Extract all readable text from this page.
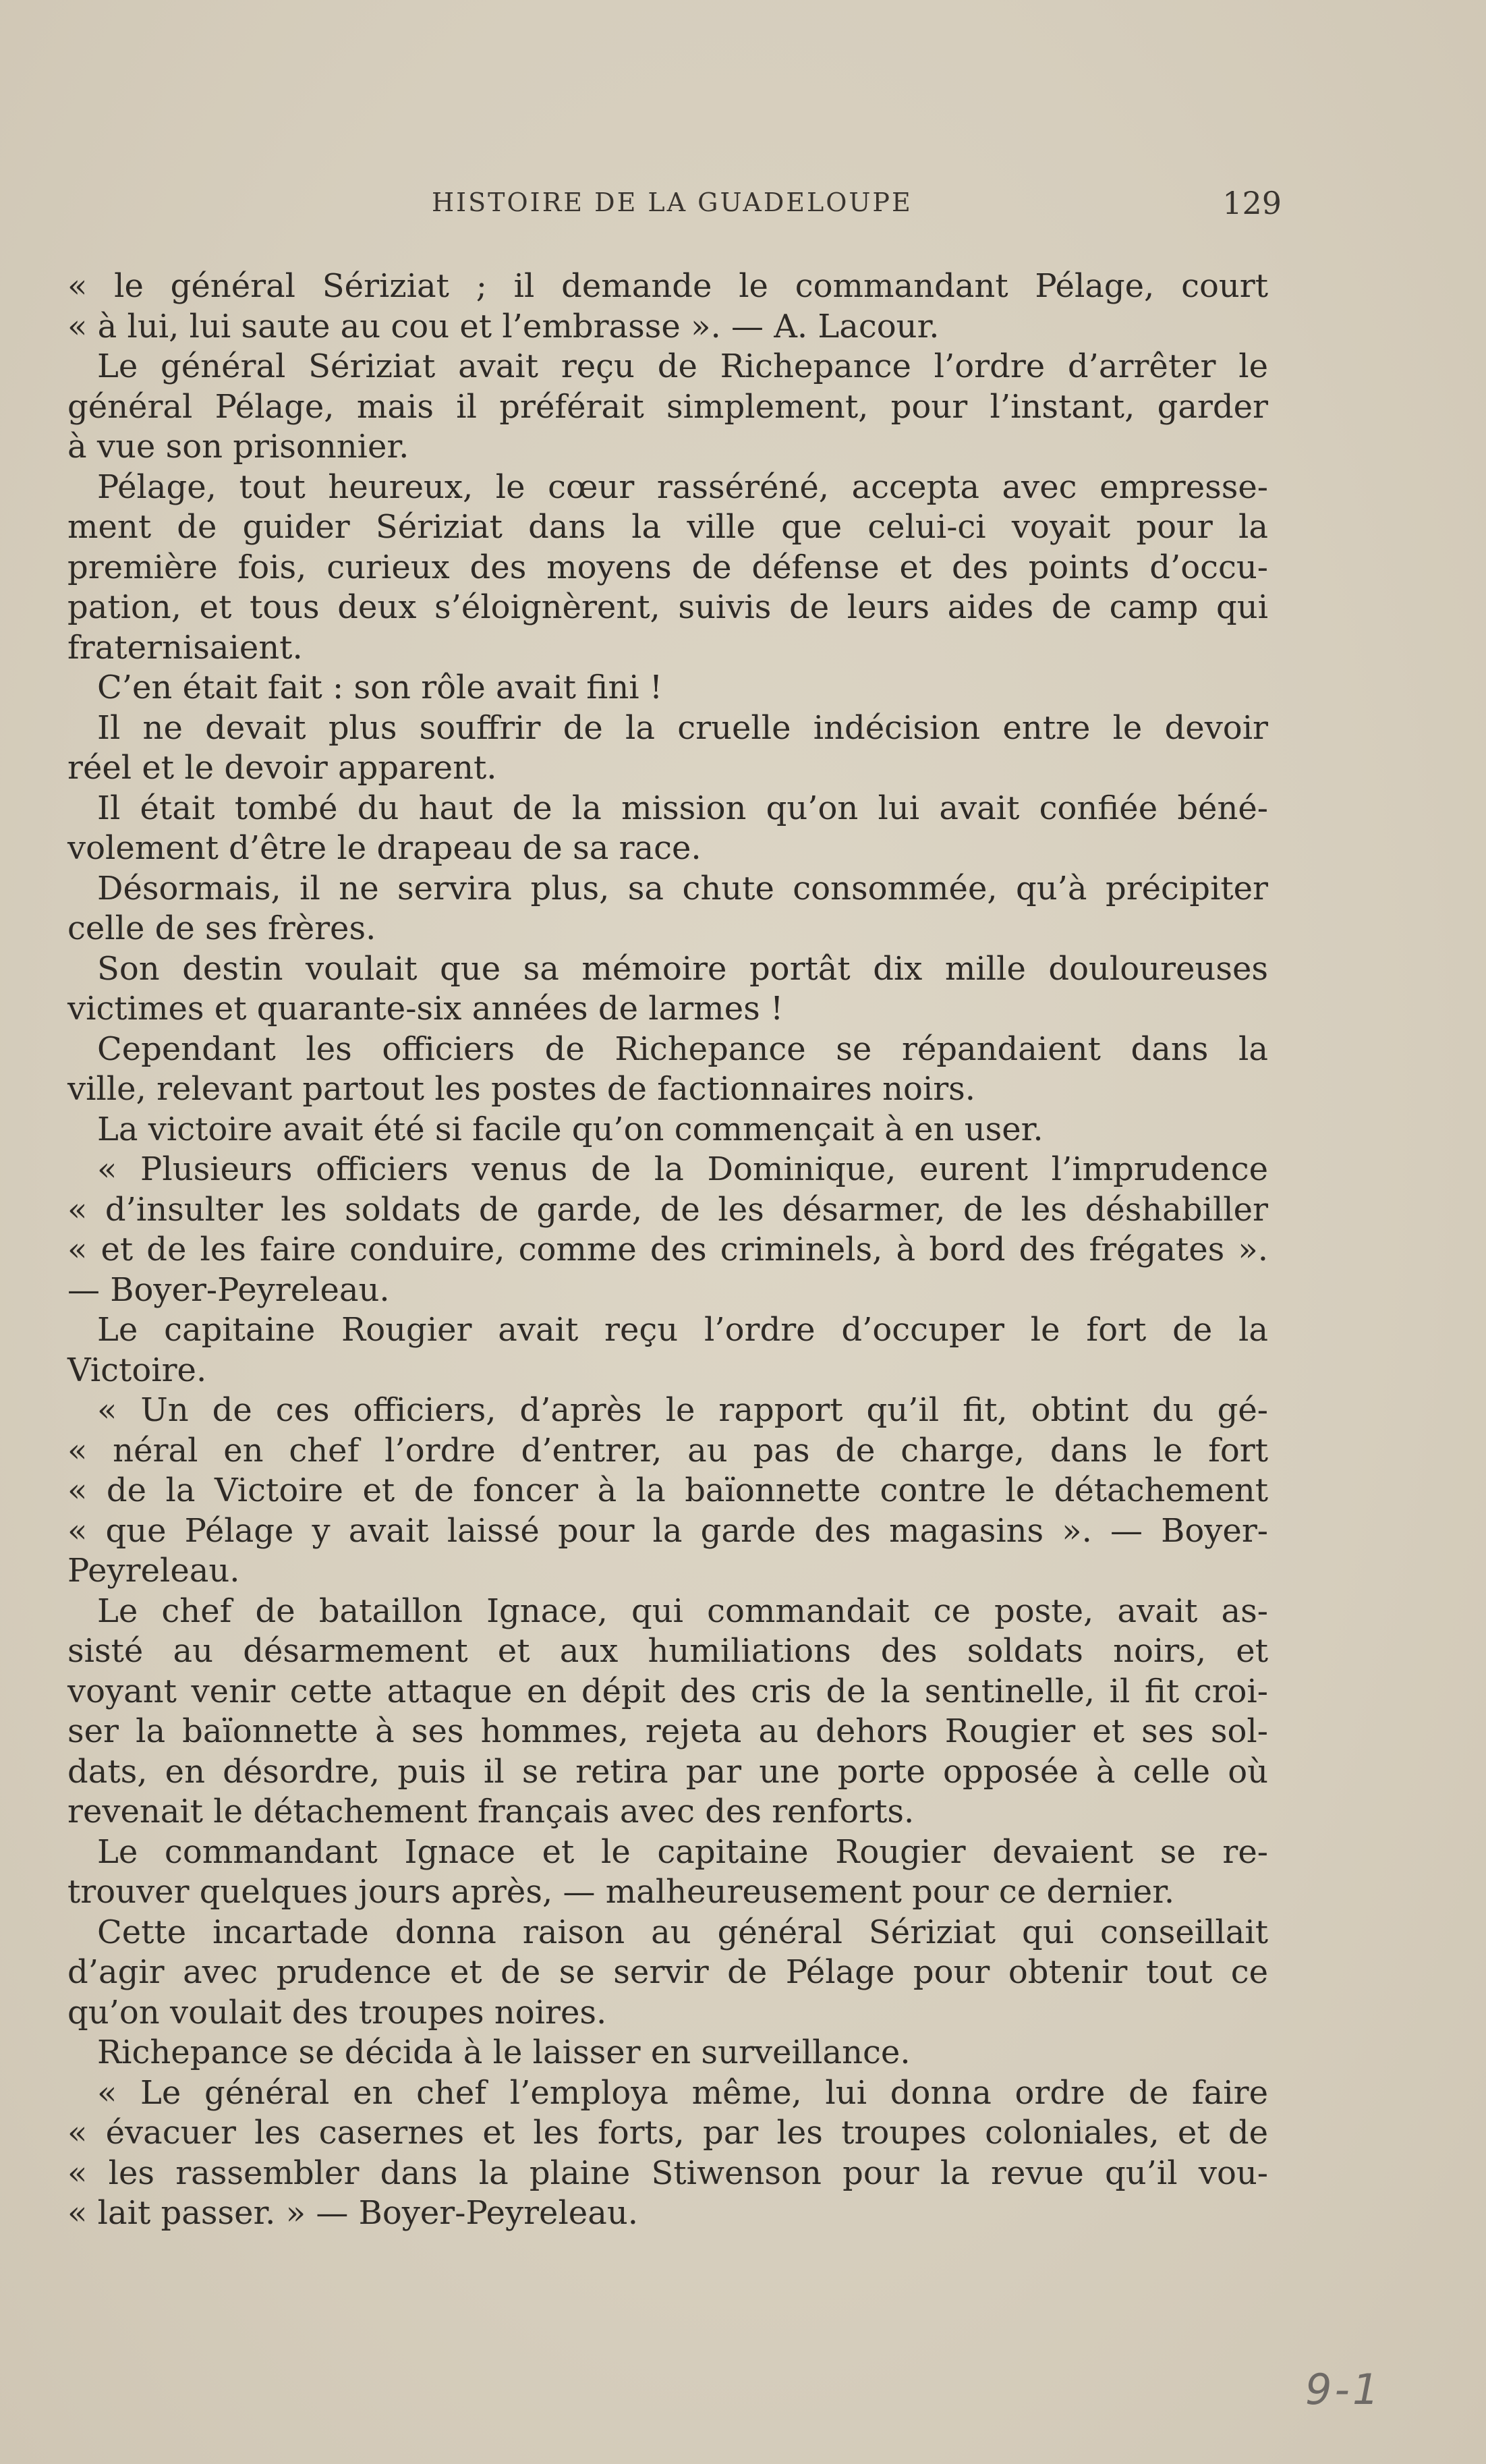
HISTOIRE DE LA GUADELOUPE	129
« le général Sériziat ; il demande le commandant Pélage, court
« à lui, lui saute au cou et l’embrasse ». — A. Lacour.
Le général Sériziat avait reçu de Richepance l’ordre d’arrêter le
général Pélage, mais il préférait simplement, pour l’instant, garder
à vue son prisonnier.
Pélage, tout heureux, le cœur rasséréné, accepta avec empresse-
ment de guider Sériziat dans la ville que celui-ci voyait pour la
première fois, curieux des moyens de défense et des points d’occu-
pation, et tous deux s’éloignèrent, suivis de leurs aides de camp qui
fraternisaient.
C’en était fait : son rôle avait fini !
Il ne devait plus souffrir de la cruelle indécision entre le devoir
réel et le devoir apparent.
Il était tombé du haut de la mission qu’on lui avait confiée béné-
volement d’être le drapeau de sa race.
Désormais, il ne servira plus, sa chute consommée, qu’à précipiter
celle de ses frères.
Son destin voulait que sa mémoire portât dix mille douloureuses
victimes et quarante-six années de larmes !
Cependant les officiers de Richepance se répandaient dans la
ville, relevant partout les postes de factionnaires noirs.
La victoire avait été si facile qu’on commençait à en user.
« Plusieurs officiers venus de la Dominique, eurent l’imprudence
« d’insulter les soldats de garde, de les désarmer, de les déshabiller
« et de les faire conduire, comme des criminels, à bord des frégates ».
— Boyer-Peyreleau.
Le capitaine Rougier avait reçu l’ordre d’occuper le fort de la
Victoire.
« Un de ces officiers, d’après le rapport qu’il fit, obtint du gé-
« néral en chef l’ordre d’entrer, au pas de charge, dans le fort
« de la Victoire et de foncer à la baïonnette contre le détachement
« que Pélage y avait laissé pour la garde des magasins ». — Boyer-
Peyreleau.
Le chef de bataillon Ignace, qui commandait ce poste, avait as-
sisté au désarmement et aux humiliations des soldats noirs, et
voyant venir cette attaque en dépit des cris de la sentinelle, il fit croi-
ser la baïonnette à ses hommes, rejeta au dehors Rougier et ses sol-
dats, en désordre, puis il se retira par une porte opposée à celle où
revenait le détachement français avec des renforts.
Le commandant Ignace et le capitaine Rougier devaient se re-
trouver quelques jours après, — malheureusement pour ce dernier.
Cette incartade donna raison au général Sériziat qui conseillait
d’agir avec prudence et de se servir de Pélage pour obtenir tout ce
qu’on voulait des troupes noires.
Richepance se décida à le laisser en surveillance.
« Le général en chef l’employa même, lui donna ordre de faire
« évacuer les casernes et les forts, par les troupes coloniales, et de
« les rassembler dans la plaine Stiwenson pour la revue qu’il vou-
« lait passer. » — Boyer-Peyreleau.
9-1
